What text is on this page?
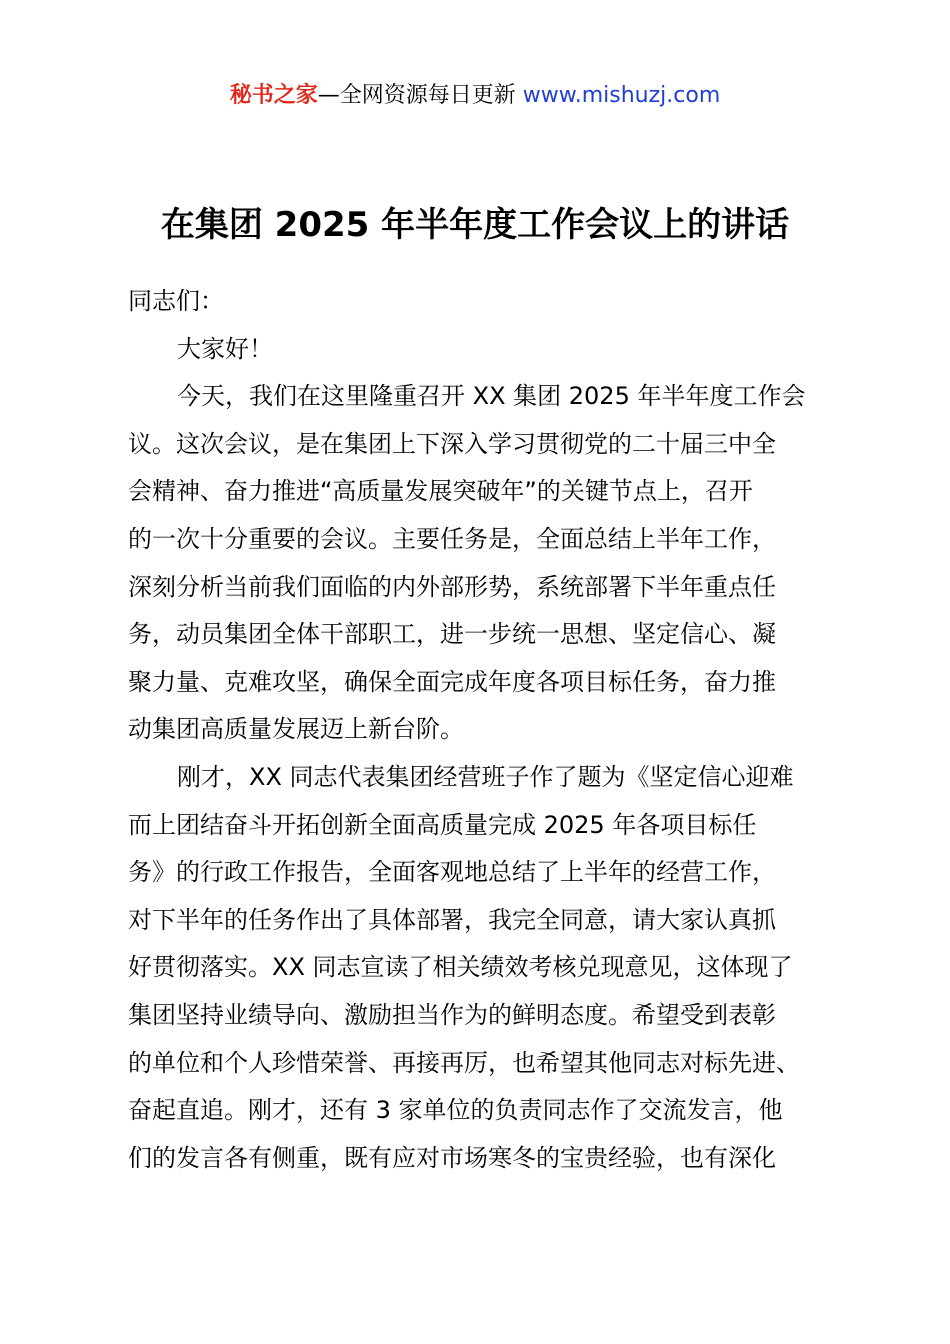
秘书之家—全网资源每日更新 www.mishuzj.com
在集团 2025 年半年度工作会议上的讲话
同志们：
大家好！
今天，我们在这里隆重召开 XX 集团 2025 年半年度工作会
议。这次会议，是在集团上下深入学习贯彻党的二十届三中全
会精神、奋力推进“高质量发展突破年”的关键节点上，召开
的一次十分重要的会议。主要任务是，全面总结上半年工作，
深刻分析当前我们面临的内外部形势，系统部署下半年重点任
务，动员集团全体干部职工，进一步统一思想、坚定信心、凝
聚力量、克难攻坚，确保全面完成年度各项目标任务，奋力推
动集团高质量发展迈上新台阶。
刚才，XX 同志代表集团经营班子作了题为《坚定信心迎难
而上团结奋斗开拓创新全面高质量完成 2025 年各项目标任
务》的行政工作报告，全面客观地总结了上半年的经营工作，
对下半年的任务作出了具体部署，我完全同意，请大家认真抓
好贯彻落实。XX 同志宣读了相关绩效考核兑现意见，这体现了
集团坚持业绩导向、激励担当作为的鲜明态度。希望受到表彰
的单位和个人珍惜荣誉、再接再厉，也希望其他同志对标先进、
奋起直追。刚才，还有 3 家单位的负责同志作了交流发言，他
们的发言各有侧重，既有应对市场寒冬的宝贵经验，也有深化
